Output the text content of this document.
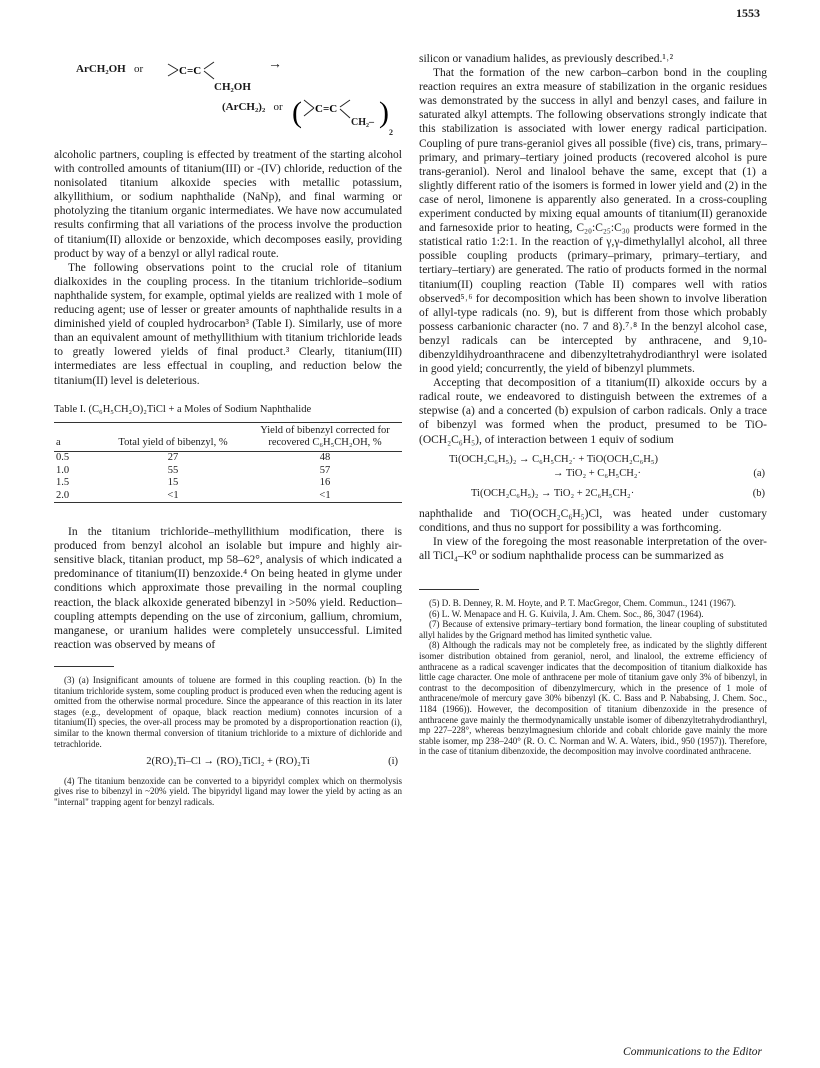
1553
C=C
( C=C )
ArCH₂OH or
CH₂OH
→
(ArCH₂)₂ or
CH₂–
2

alcoholic partners, coupling is effected by treatment of the starting alcohol with controlled amounts of titanium(III) or -(IV) chloride, reduction of the nonisolated titanium alkoxide species with metallic potassium, alkyllithium, or sodium naphthalide (NaNp), and final warming or photolyzing the titanium organic intermediates. We have now accumulated results confirming that all variations of the process involve the production of titanium(II) alloxide or benzoxide, which decomposes easily, providing product by way of a benzyl or allyl radical route.

The following observations point to the crucial role of titanium dialkoxides in the coupling process. In the titanium trichloride–sodium naphthalide system, for example, optimal yields are realized with 1 mole of reducing agent; use of lesser or greater amounts of naphthalide results in a diminished yield of coupled hydrocarbon³ (Table I). Similarly, use of more than an equivalent amount of methyllithium with titanium trichloride leads to greatly lowered yields of final product.³ Clearly, titanium(III) intermediates are less effectual in coupling, and reduction below the titanium(II) level is deleterious.

Table I. (C₆H₅CH₂O)₂TiCl + a Moles of Sodium Naphthalide
a	Total yield of bibenzyl, %	Yield of bibenzyl corrected for recovered C₆H₅CH₂OH, %
0.5	27	48
1.0	55	57
1.5	15	16
2.0	<1	<1

In the titanium trichloride–methyllithium modification, there is produced from benzyl alcohol an isolable but impure and highly air-sensitive black, titanian product, mp 58–62°, analysis of which indicated a predominance of titanium(II) benzoxide.⁴ On being heated in glyme under conditions which approximate those prevailing in the normal coupling reaction, the black alkoxide generated bibenzyl in >50% yield. Reduction–coupling attempts depending on the use of zirconium, gallium, chromium, manganese, or uranium halides were completely unsuccessful. Limited reaction was observed by means of

(3) (a) Insignificant amounts of toluene are formed in this coupling reaction. (b) In the titanium trichloride system, some coupling product is produced even when the reducing agent is omitted from the otherwise normal procedure. Since the appearance of this reaction in its later stages (e.g., development of opaque, black reaction medium) connotes incursion of a titanium(II) species, the over-all process may be promoted by a disproportionation reaction (i), similar to the known thermal conversion of titanium trichloride to a mixture of dichloride and tetrachloride.

2(RO)₂Ti–Cl → (RO)₂TiCl₂ + (RO)₂Ti	(i)

(4) The titanium benzoxide can be converted to a bipyridyl complex which on thermolysis gives rise to bibenzyl in ~20% yield. The bipyridyl ligand may lower the yield by acting as an "internal" trapping agent for benzyl radicals.

silicon or vanadium halides, as previously described.¹˒²

That the formation of the new carbon–carbon bond in the coupling reaction requires an extra measure of stabilization in the organic residues was demonstrated by the success in allyl and benzyl cases, and failure in saturated alkyl attempts. The following observations strongly indicate that this stabilization is associated with lower energy radical participation. Coupling of pure trans-geraniol gives all possible (five) cis, trans, primary–primary, and primary–tertiary joined products (recovered alcohol is pure trans-geraniol). Nerol and linalool behave the same, except that (1) a slightly different ratio of the isomers is formed in lower yield and (2) in the case of nerol, limonene is apparently also generated. In a cross-coupling experiment conducted by mixing equal amounts of titanium(II) geranoxide and farnesoxide prior to heating, C₂₀:C₂₅:C₃₀ products were formed in the statistical ratio 1:2:1. In the reaction of γ,γ-dimethylallyl alcohol, all three possible coupling products (primary–primary, primary–tertiary, and tertiary–tertiary) are generated. The ratio of products formed in the normal titanium(II) coupling reaction (Table II) compares well with ratios observed⁵˒⁶ for decomposition which has been shown to involve liberation of allyl-type radicals (no. 9), but is different from those which probably possess carbanionic character (no. 7 and 8).⁷˒⁸ In the benzyl alcohol case, benzyl radicals can be intercepted by anthracene, and 9,10-dibenzyldihydroanthracene and dibenzyltetrahydrodianthryl were isolated in good yield; concurrently, the yield of bibenzyl plummets.

Accepting that decomposition of a titanium(II) alkoxide occurs by a radical route, we endeavored to distinguish between the extremes of a stepwise (a) and a concerted (b) expulsion of carbon radicals. Only a trace of bibenzyl was formed when the product, presumed to be TiO-(OCH₂C₆H₅), of interaction between 1 equiv of sodium

Ti(OCH₂C₆H₅)₂ → C₆H₅CH₂· + TiO(OCH₂C₆H₅)
→ TiO₂ + C₆H₅CH₂·	(a)
Ti(OCH₂C₆H₅)₂ → TiO₂ + 2C₆H₅CH₂·	(b)

naphthalide and TiO(OCH₂C₆H₅)Cl, was heated under customary conditions, and thus no support for possibility a was forthcoming.

In view of the foregoing the most reasonable interpretation of the over-all TiCl₄–K⁰ or sodium naphthalide process can be summarized as

(5) D. B. Denney, R. M. Hoyte, and P. T. MacGregor, Chem. Commun., 1241 (1967).

(6) L. W. Menapace and H. G. Kuivila, J. Am. Chem. Soc., 86, 3047 (1964).

(7) Because of extensive primary–tertiary bond formation, the linear coupling of substituted allyl halides by the Grignard method has limited synthetic value.

(8) Although the radicals may not be completely free, as indicated by the slightly different isomer distribution obtained from geraniol, nerol, and linalool, the extreme efficiency of anthracene as a radical scavenger indicates that the decomposition of titanium dialkoxide has little cage character. One mole of anthracene per mole of titanium gave only 3% of bibenzyl, in contrast to the decomposition of dibenzylmercury, which in the presence of 1 mole of anthracene/mole of mercury gave 30% bibenzyl (K. C. Bass and P. Nababsing, J. Chem. Soc., 1184 (1966)). However, the decomposition of titanium dibenzoxide in the presence of anthracene gave mainly the thermodynamically unstable isomer of dibenzyltetrahydrodianthryl, mp 227–228°, whereas benzylmagnesium chloride and cobalt chloride gave mainly the more stable isomer, mp 238–240° (R. O. C. Norman and W. A. Waters, ibid., 950 (1957)). Therefore, in the case of titanium dibenzoxide, the decomposition may involve coordinated anthracene.

Communications to the Editor
